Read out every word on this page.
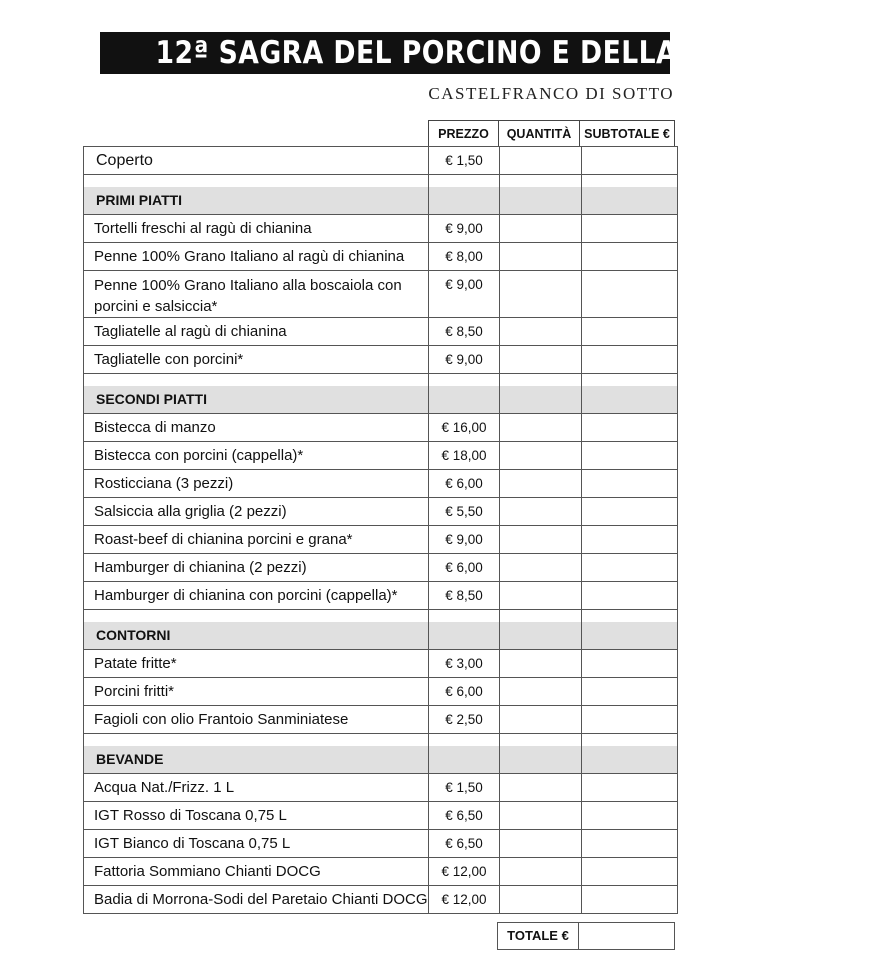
12ª SAGRA DEL PORCINO E DELLA CHIANINA
CASTELFRANCO DI SOTTO
PREZZO	QUANTITÀ	SUBTOTALE €
Coperto	€ 1,50		

PRIMI PIATTI			
Tortelli freschi al ragù di chianina	€ 9,00		
Penne 100% Grano Italiano al ragù di chianina	€ 8,00		
Penne 100% Grano Italiano alla boscaiola con porcini e salsiccia*	€ 9,00		
Tagliatelle al ragù di chianina	€ 8,50		
Tagliatelle con porcini*	€ 9,00		

SECONDI PIATTI			
Bistecca di manzo	€ 16,00		
Bistecca con porcini (cappella)*	€ 18,00		
Rosticciana (3 pezzi)	€ 6,00		
Salsiccia alla griglia (2 pezzi)	€ 5,50		
Roast-beef di chianina porcini e grana*	€ 9,00		
Hamburger di chianina (2 pezzi)	€ 6,00		
Hamburger di chianina con porcini (cappella)*	€ 8,50		

CONTORNI			
Patate fritte*	€ 3,00		
Porcini fritti*	€ 6,00		
Fagioli con olio Frantoio Sanminiatese	€ 2,50		

BEVANDE			
Acqua Nat./Frizz. 1 L	€ 1,50		
IGT Rosso di Toscana 0,75 L	€ 6,50		
IGT Bianco di Toscana 0,75 L	€ 6,50		
Fattoria Sommiano Chianti DOCG	€ 12,00		
Badia di Morrona-Sodi del Paretaio Chianti DOCG	€ 12,00		
TOTALE €
